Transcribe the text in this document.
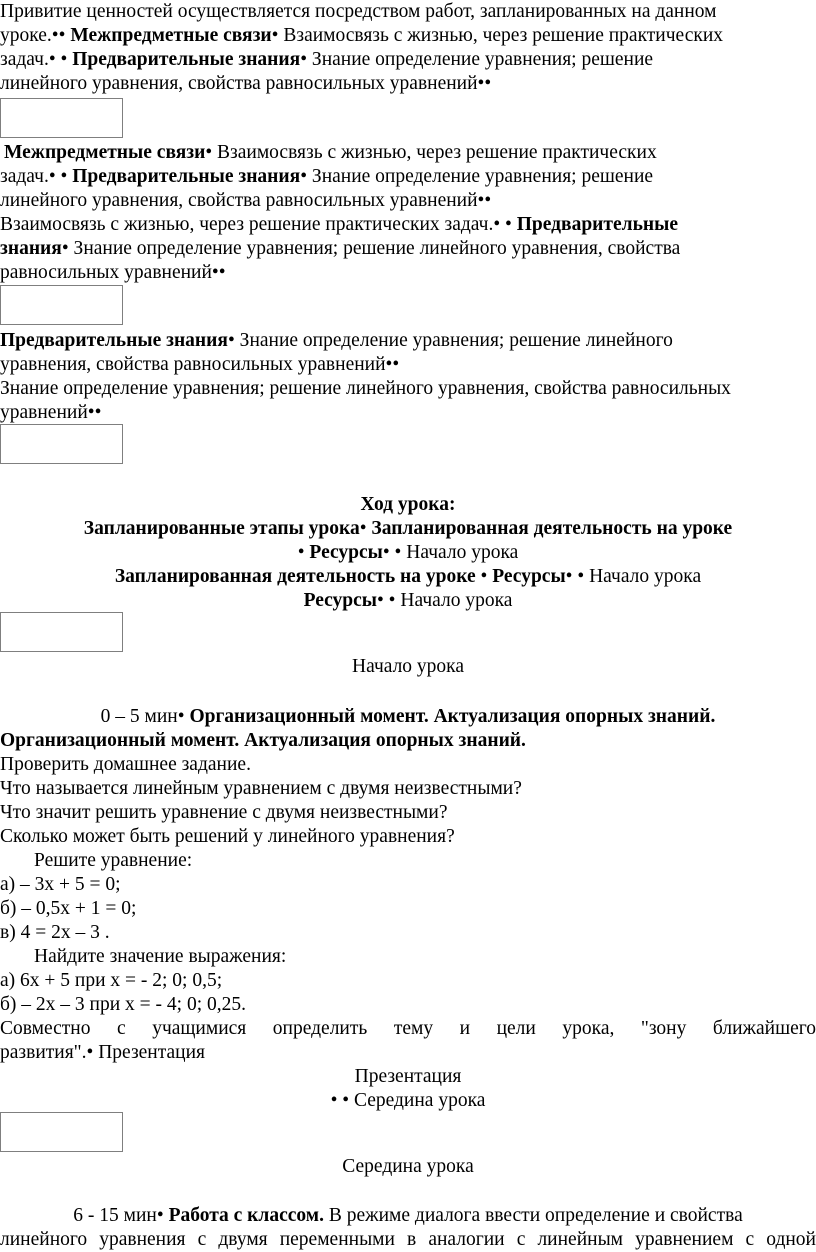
Привитие ценностей осуществляется посредством работ, запланированных на данном
уроке.•• Межпредметные связи• Взаимосвязь с жизнью, через решение практических
задач.• • Предварительные знания• Знание определение уравнения; решение
линейного уравнения, свойства равносильных уравнений••
Межпредметные связи• Взаимосвязь с жизнью, через решение практических
задач.• • Предварительные знания• Знание определение уравнения; решение
линейного уравнения, свойства равносильных уравнений••
Взаимосвязь с жизнью, через решение практических задач.• • Предварительные
знания• Знание определение уравнения; решение линейного уравнения, свойства
равносильных уравнений••
Предварительные знания• Знание определение уравнения; решение линейного
уравнения, свойства равносильных уравнений••
Знание определение уравнения; решение линейного уравнения, свойства равносильных
уравнений••
Ход урока:
Запланированные этапы урока• Запланированная деятельность на уроке
• Ресурсы• • Начало урока
Запланированная деятельность на уроке • Ресурсы• • Начало урока
Ресурсы• • Начало урока
Начало урока
0 – 5 мин• Организационный момент. Актуализация опорных знаний.
Организационный момент. Актуализация опорных знаний.
Проверить домашнее задание.
Что называется линейным уравнением с двумя неизвестными?
Что значит решить уравнение с двумя неизвестными?
Сколько может быть решений у линейного уравнения?
Решите уравнение:
а) – 3х + 5 = 0;
б) – 0,5х + 1 = 0;
в) 4 = 2х – 3 .
Найдите значение выражения:
а) 6х + 5 при х = - 2; 0; 0,5;
б) – 2х – 3 при х = - 4; 0; 0,25.
Совместно с учащимися определить тему и цели урока, "зону ближайшего
развития".• Презентация
Презентация
• • Середина урока
Середина урока
6 - 15 мин• Работа с классом. В режиме диалога ввести определение и свойства
линейного уравнения с двумя переменными в аналогии с линейным уравнением с одной
